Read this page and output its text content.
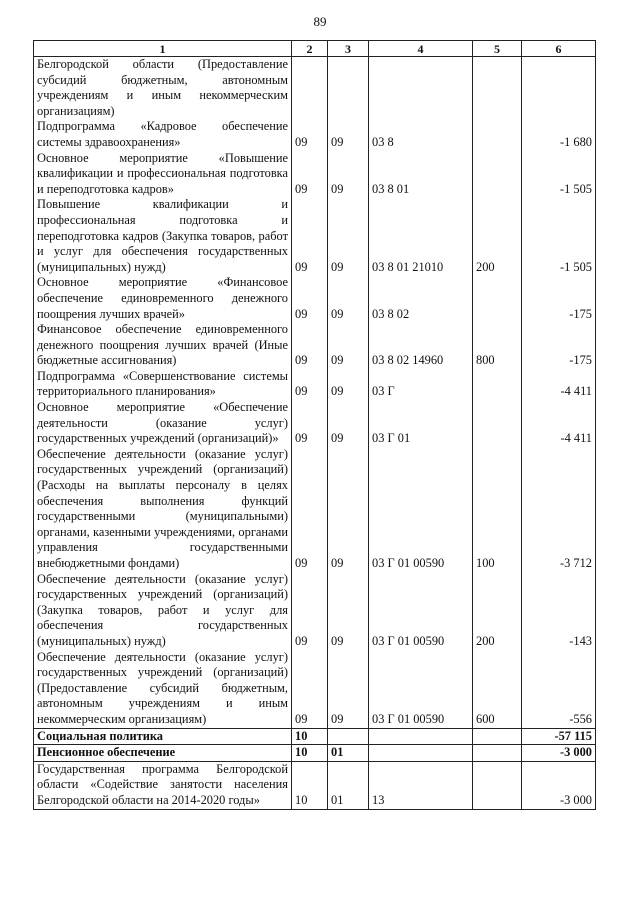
89
1	2	3	4	5	6
Белгородской области (Предоставление субсидий бюджетным, автономным учреждениям и иным некоммерческим организациям)					
Подпрограмма «Кадровое обеспечение системы здравоохранения»	09	09	03 8		-1 680
Основное мероприятие «Повышение квалификации и профессиональная подготовка и переподготовка кадров»	09	09	03 8 01		-1 505
Повышение квалификации и профессиональная подготовка и переподготовка кадров (Закупка товаров, работ и услуг для обеспечения государственных (муниципальных) нужд)	09	09	03 8 01 21010	200	-1 505
Основное мероприятие «Финансовое обеспечение единовременного денежного поощрения лучших врачей»	09	09	03 8 02		-175
Финансовое обеспечение единовременного денежного поощрения лучших врачей (Иные бюджетные ассигнования)	09	09	03 8 02 14960	800	-175
Подпрограмма «Совершенствование системы территориального планирования»	09	09	03 Г		-4 411
Основное мероприятие «Обеспечение деятельности (оказание услуг) государственных учреждений (организаций)»	09	09	03 Г 01		-4 411
Обеспечение деятельности (оказание услуг) государственных учреждений (организаций) (Расходы на выплаты персоналу в целях обеспечения выполнения функций государственными (муниципальными) органами, казенными учреждениями, органами управления государственными внебюджетными фондами)	09	09	03 Г 01 00590	100	-3 712
Обеспечение деятельности (оказание услуг) государственных учреждений (организаций) (Закупка товаров, работ и услуг для обеспечения государственных (муниципальных) нужд)	09	09	03 Г 01 00590	200	-143
Обеспечение деятельности (оказание услуг) государственных учреждений (организаций) (Предоставление субсидий бюджетным, автономным учреждениям и иным некоммерческим организациям)	09	09	03 Г 01 00590	600	-556
Социальная политика	10				-57 115
Пенсионное обеспечение	10	01			-3 000
Государственная программа Белгородской области «Содействие занятости населения Белгородской области на 2014-2020 годы»	10	01	13		-3 000
